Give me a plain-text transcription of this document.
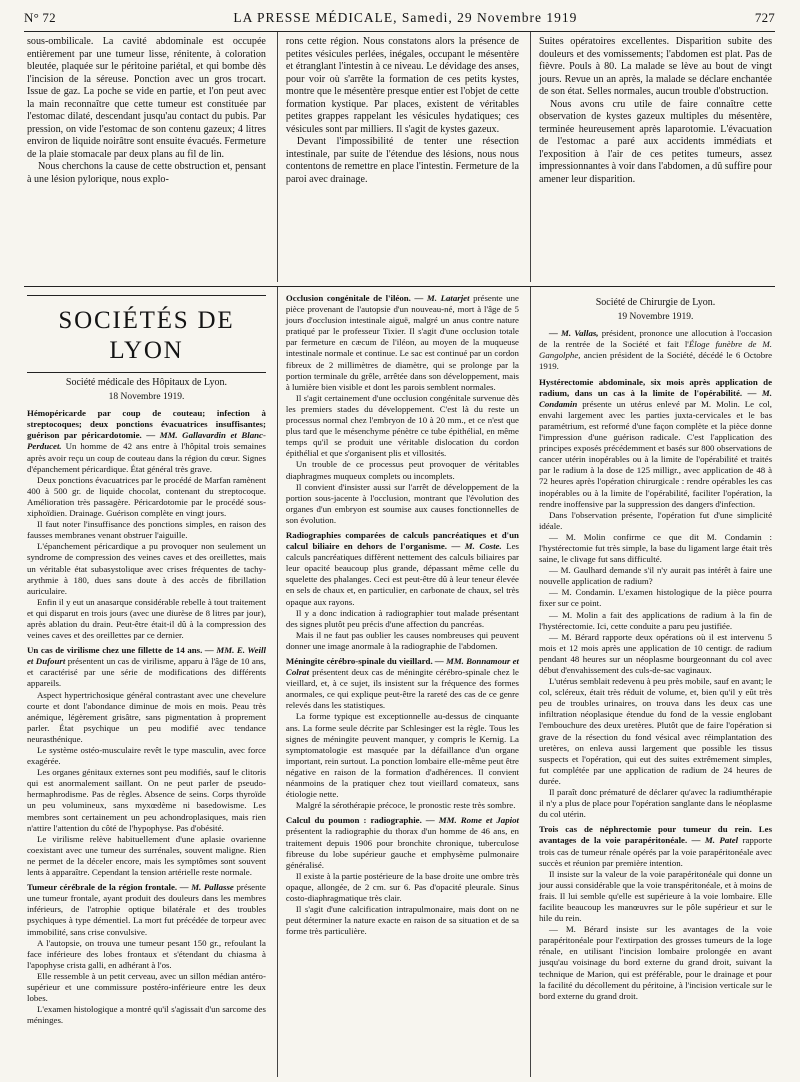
N° 72	LA PRESSE MÉDICALE, Samedi, 29 Novembre 1919	727

sous-ombilicale. La cavité abdominale est occupée entièrement par une tumeur lisse, rénitente, à coloration bleutée, plaquée sur le péritoine pariétal, et qui bombe dès l'incision de la séreuse. Ponction avec un gros trocart. Issue de gaz. La poche se vide en partie, et l'on peut avec la main reconnaître que cette tumeur est constituée par l'estomac dilaté, descendant jusqu'au contact du pubis. Par pression, on vide l'estomac de son contenu gazeux; 4 litres environ de liquide noirâtre sont ensuite évacués. Fermeture de la plaie stomacale par deux plans au fil de lin.

Nous cherchons la cause de cette obstruction et, pensant à une lésion pylorique, nous explo-

rons cette région. Nous constatons alors la présence de petites vésicules perlées, inégales, occupant le mésentère et étranglant l'intestin à ce niveau. Le dévidage des anses, pour voir où s'arrête la formation de ces petits kystes, montre que le mésentère presque entier est l'objet de cette formation kystique. Par places, existent de véritables petites grappes rappelant les vésicules hydatiques; ces vésicules sont par milliers. Il s'agit de kystes gazeux.

Devant l'impossibilité de tenter une résection intestinale, par suite de l'étendue des lésions, nous nous contentons de remettre en place l'intestin. Fermeture de la paroi avec drainage.

Suites opératoires excellentes. Disparition subite des douleurs et des vomissements; l'abdomen est plat. Pas de fièvre. Pouls à 80. La malade se lève au bout de vingt jours. Revue un an après, la malade se déclare enchantée de son état. Selles normales, aucun trouble d'obstruction.

Nous avons cru utile de faire connaître cette observation de kystes gazeux multiples du mésentère, terminée heureusement après laparotomie. L'évacuation de l'estomac a paré aux accidents immédiats et l'exposition à l'air de ces petites tumeurs, assez impressionnantes à voir dans l'abdomen, a dû suffire pour amener leur disparition.

SOCIÉTÉS DE LYON
Société médicale des Hôpitaux de Lyon.
18 Novembre 1919.

Hémopéricarde par coup de couteau; infection à streptocoques; deux ponctions évacuatrices insuffisantes; guérison par péricardotomie. — MM. Gallavardin et Blanc-Perducet. Un homme de 42 ans entre à l'hôpital trois semaines après avoir reçu un coup de couteau dans la région du cœur. Signes d'épanchement péricardique. État général très grave.

Deux ponctions évacuatrices par le procédé de Marfan ramènent 400 à 500 gr. de liquide chocolat, contenant du streptocoque. Amélioration très passagère. Péricardotomie par le procédé sous-xiphoïdien. Drainage. Guérison complète en vingt jours.

Il faut noter l'insuffisance des ponctions simples, en raison des fausses membranes venant obstruer l'aiguille.

L'épanchement péricardique a pu provoquer non seulement un syndrome de compression des veines caves et des oreillettes, mais un véritable état subasystolique avec crises fréquentes de tachy-arythmie à 180, dues sans doute à des accès de fibrillation auriculaire.

Enfin il y eut un anasarque considérable rebelle à tout traitement et qui disparut en trois jours (avec une diurèse de 8 litres par jour), après ablation du drain. Peut-être était-il dû à la compression des veines caves et des oreillettes par ce dernier.

Un cas de virilisme chez une fillette de 14 ans. — MM. E. Weill et Dufourt présentent un cas de virilisme, apparu à l'âge de 10 ans, et caractérisé par une série de modifications des différents appareils.

Aspect hypertrichosique général contrastant avec une chevelure courte et dont l'abondance diminue de mois en mois. Peau très anémique, légèrement grisâtre, sans pigmentation à proprement parler. État psychique un peu modifié avec tendance neurasthénique.

Le système ostéo-musculaire revêt le type masculin, avec force exagérée.

Les organes génitaux externes sont peu modifiés, sauf le clitoris qui est anormalement saillant. On ne peut parler de pseudo-hermaphrodisme. Pas de règles. Absence de seins. Corps thyroïde un peu volumineux, sans myxœdème ni basedowisme. Les membres sont certainement un peu achondroplasiques, mais rien n'attire l'attention du côté de l'hypophyse. Pas d'obésité.

Le virilisme relève habituellement d'une aplasie ovarienne coexistant avec une tumeur des surrénales, souvent maligne. Rien ne permet de la déceler encore, mais les symptômes sont souvent lents à apparaître. Cependant la tension artérielle reste normale.

Tumeur cérébrale de la région frontale. — M. Pallasse présente une tumeur frontale, ayant produit des douleurs dans les membres inférieurs, de l'atrophie optique bilatérale et des troubles psychiques à type démentiel. La mort fut précédée de torpeur avec immobilité, sans crise convulsive.

A l'autopsie, on trouva une tumeur pesant 150 gr., refoulant la face inférieure des lobes frontaux et s'étendant du chiasma à l'apophyse crista galli, en adhérant à l'os.

Elle ressemble à un petit cerveau, avec un sillon médian antéro-supérieur et une commissure postéro-inférieure entre les deux lobes.

L'examen histologique a montré qu'il s'agissait d'un sarcome des méninges.

Occlusion congénitale de l'iléon. — M. Latarjet présente une pièce provenant de l'autopsie d'un nouveau-né, mort à l'âge de 5 jours d'occlusion intestinale aiguë, malgré un anus contre nature pratiqué par le professeur Tixier. Il s'agit d'une occlusion totale par fermeture en cæcum de l'iléon, au moyen de la muqueuse intestinale normale et continue. Le sac est continué par un cordon fibreux de 2 millimètres de diamètre, qui se prolonge par la portion terminale du grêle, arrêtée dans son développement, mais à lumière bien visible et dont les parois semblent normales.

Il s'agit certainement d'une occlusion congénitale survenue dès les premiers stades du développement. C'est là du reste un processus normal chez l'embryon de 10 à 20 mm., et ce n'est que plus tard que le mésenchyme pénètre ce tube épithélial, en même temps qu'il se produit une véritable dislocation du cordon épithélial et que s'organisent plis et villosités.

Un trouble de ce processus peut provoquer de véritables diaphragmes muqueux complets ou incomplets.

Il convient d'insister aussi sur l'arrêt de développement de la portion sous-jacente à l'occlusion, montrant que l'évolution des organes d'un embryon est soumise aux causes fonctionnelles de son évolution.

Radiographies comparées de calculs pancréatiques et d'un calcul biliaire en dehors de l'organisme. — M. Coste. Les calculs pancréatiques diffèrent nettement des calculs biliaires par leur opacité beaucoup plus grande, dépassant même celle du squelette des phalanges. Ceci est peut-être dû à leur teneur élevée en sels de chaux et, en particulier, en carbonate de chaux, sel très opaque aux rayons.

Il y a donc indication à radiographier tout malade présentant des signes plutôt peu précis d'une affection du pancréas.

Mais il ne faut pas oublier les causes nombreuses qui peuvent donner une image anormale à la radiographie de l'abdomen.

Méningite cérébro-spinale du vieillard. — MM. Bonnamour et Colrat présentent deux cas de méningite cérébro-spinale chez le vieillard, et, à ce sujet, ils insistent sur la fréquence des formes anormales, ce qui explique peut-être la rareté des cas de ce genre relevés dans les statistiques.

La forme typique est exceptionnelle au-dessus de cinquante ans. La forme seule décrite par Schlesinger est la règle. Tous les signes de méningite peuvent manquer, y compris le Kernig. La symptomatologie est masquée par la défaillance d'un organe important, rein surtout. La ponction lombaire elle-même peut être négative en raison de la formation d'adhérences. Il convient néanmoins de la pratiquer chez tout vieillard comateux, sans étiologie nette.

Malgré la sérothérapie précoce, le pronostic reste très sombre.

Calcul du poumon : radiographie. — MM. Rome et Japiot présentent la radiographie du thorax d'un homme de 46 ans, en traitement depuis 1906 pour bronchite chronique, tuberculose fibreuse du lobe supérieur gauche et emphysème pulmonaire généralisé.

Il existe à la partie postérieure de la base droite une ombre très opaque, allongée, de 2 cm. sur 6. Pas d'opacité pleurale. Sinus costo-diaphragmatique très clair.

Il s'agit d'une calcification intrapulmonaire, mais dont on ne peut déterminer la nature exacte en raison de sa situation et de sa forme très particulière.

Société de Chirurgie de Lyon.
19 Novembre 1919.

— M. Vallas, président, prononce une allocution à l'occasion de la rentrée de la Société et fait l'Éloge funèbre de M. Gangolphe, ancien président de la Société, décédé le 6 Octobre 1919.

Hystérectomie abdominale, six mois après application de radium, dans un cas à la limite de l'opérabilité. — M. Condamin présente un utérus enlevé par M. Molin. Le col, envahi largement avec les parties juxta-cervicales et le bas paramétrium, est reformé d'une façon complète et la pièce donne l'impression d'une guérison radicale. C'est l'application des principes exposés précédemment et basés sur 800 observations de cancer utérin inopérables ou à la limite de l'opérabilité et traités par le radium à la dose de 125 milligr., avec application de 48 à 72 heures après l'opération chirurgicale : rendre opérables les cas inopérables ou à la limite de l'opérabilité, faciliter l'opération, la rendre inoffensive par la suppression des dangers d'infection.

Dans l'observation présente, l'opération fut d'une simplicité idéale.

— M. Molin confirme ce que dit M. Condamin : l'hystérectomie fut très simple, la base du ligament large était très saine, le clivage fut sans difficulté.

— M. Gaulhard demande s'il n'y aurait pas intérêt à faire une nouvelle application de radium?

— M. Condamin. L'examen histologique de la pièce pourra fixer sur ce point.

— M. Molin a fait des applications de radium à la fin de l'hystérectomie. Ici, cette conduite a paru peu justifiée.

— M. Bérard rapporte deux opérations où il est intervenu 5 mois et 12 mois après une application de 10 centigr. de radium pendant 48 heures sur un néoplasme bourgeonnant du col avec début d'envahissement des culs-de-sac vaginaux.

L'utérus semblait redevenu à peu près mobile, sauf en avant; le col, scléreux, était très réduit de volume, et, bien qu'il y eût très peu de troubles urinaires, on trouva dans les deux cas une infiltration néoplasique étendue du fond de la vessie englobant l'embouchure des deux uretères. Plutôt que de faire l'opération si grave de la résection du fond vésical avec réimplantation des uretères, on enleva aussi largement que possible les tissus suspects et l'opération, qui eut des suites extrêmement simples, fut complétée par une application de radium de 24 heures de durée.

Il paraît donc prématuré de déclarer qu'avec la radiumthérapie il n'y a plus de place pour l'opération sanglante dans le néoplasme du col utérin.

Trois cas de néphrectomie pour tumeur du rein. Les avantages de la voie parapéritonéale. — M. Patel rapporte trois cas de tumeur rénale opérés par la voie parapéritonéale avec succès et réunion par première intention.

Il insiste sur la valeur de la voie parapéritonéale qui donne un jour aussi considérable que la voie transpéritonéale, et à moins de frais. Il lui semble qu'elle est supérieure à la voie lombaire. Elle facilite beaucoup les manœuvres sur le pôle supérieur et sur le hile du rein.

— M. Bérard insiste sur les avantages de la voie parapéritonéale pour l'extirpation des grosses tumeurs de la loge rénale, en utilisant l'incision lombaire prolongée en avant jusqu'au voisinage du bord externe du grand droit, suivant la technique de Marion, qui est préférable, pour le drainage et pour la facilité du décollement du péritoine, à l'incision verticale sur le bord externe du grand droit.
